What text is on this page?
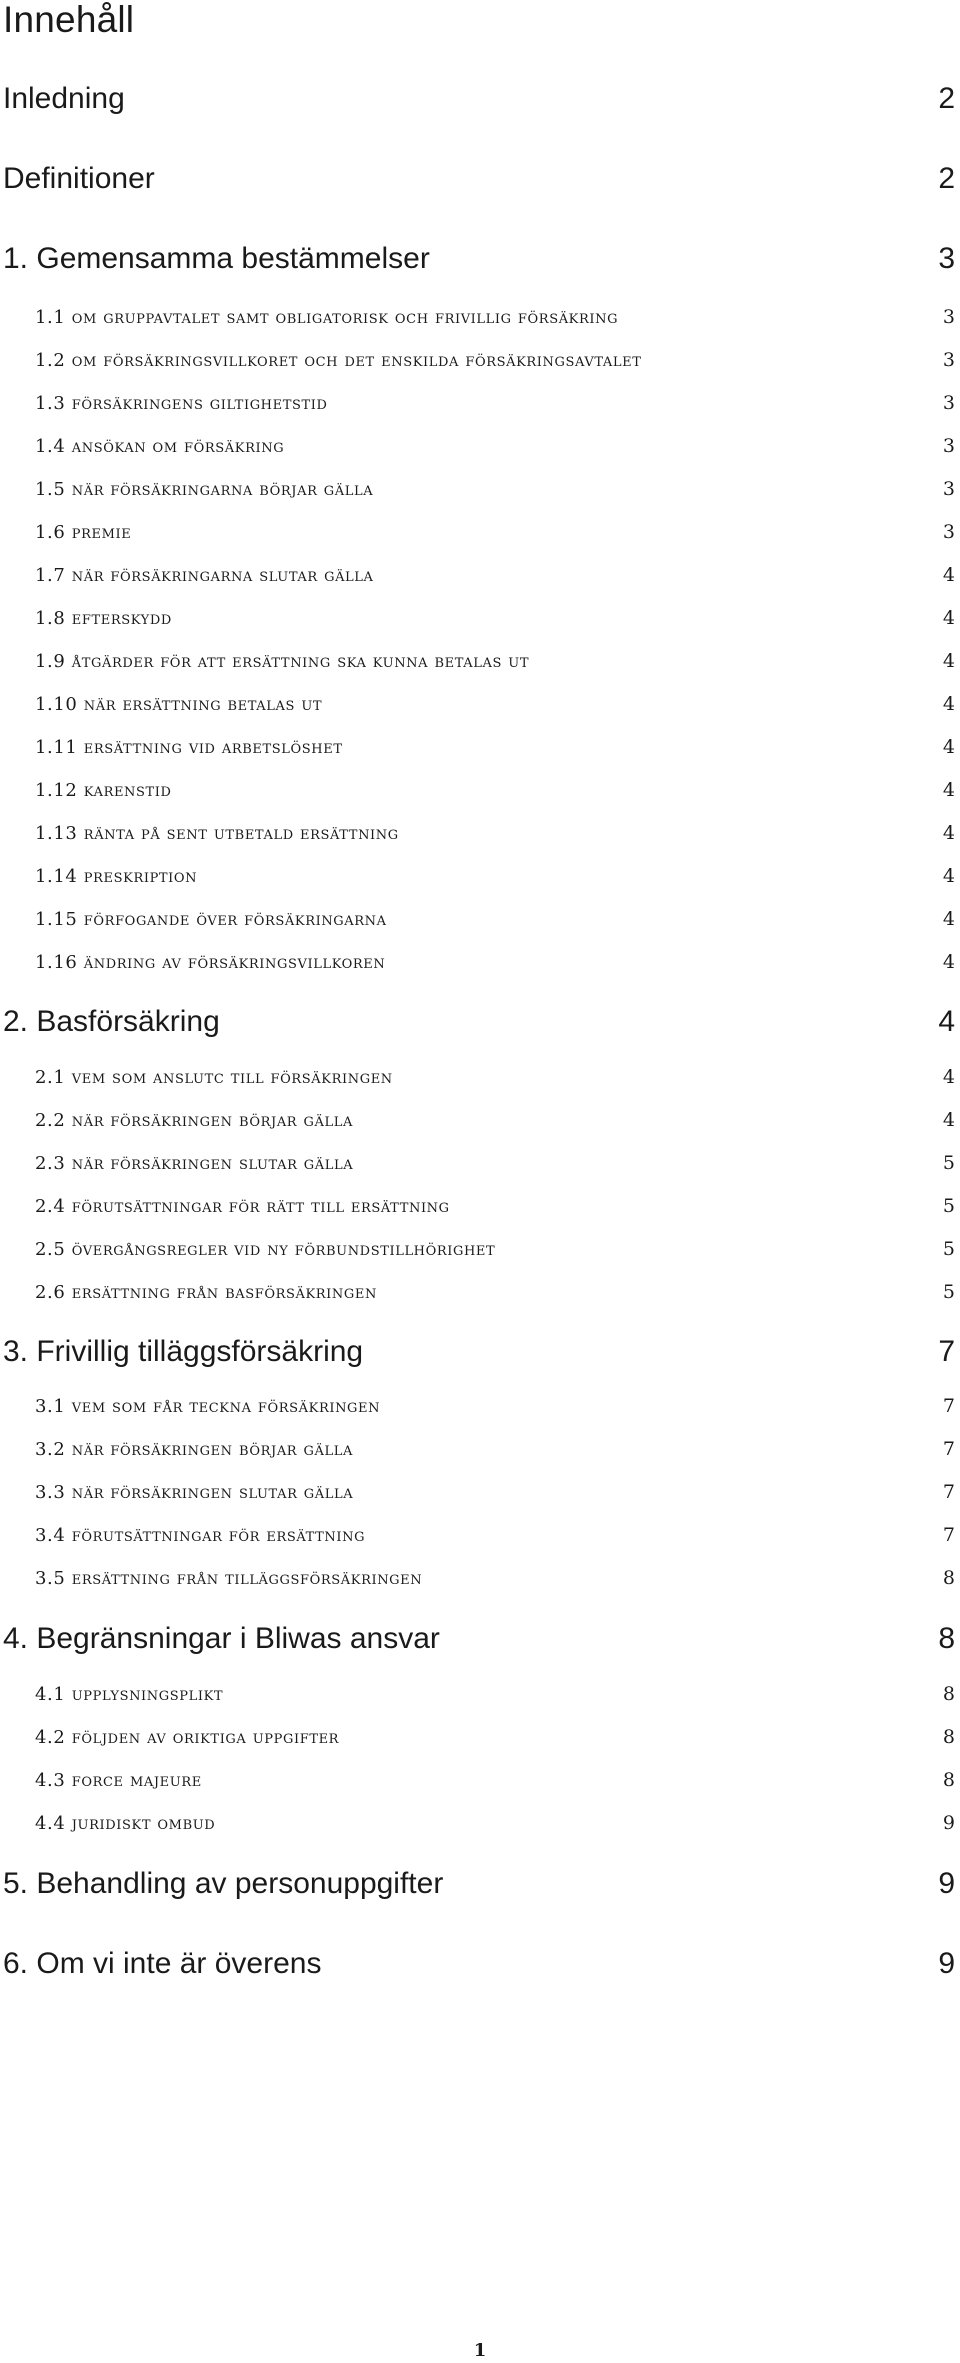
Innehåll
Inledning	2
Definitioner	2
1. Gemensamma bestämmelser	3
1.1 om gruppavtalet samt obligatorisk och frivillig försäkring	3
1.2 om försäkringsvillkoret och det enskilda försäkringsavtalet	3
1.3 försäkringens giltighetstid	3
1.4 ansökan om försäkring	3
1.5 när försäkringarna börjar gälla	3
1.6 premie	3
1.7 när försäkringarna slutar gälla	4
1.8 efterskydd	4
1.9 åtgärder för att ersättning ska kunna betalas ut	4
1.10 när ersättning betalas ut	4
1.11 ersättning vid arbetslöshet	4
1.12 karenstid	4
1.13 ränta på sent utbetald ersättning	4
1.14 preskription	4
1.15 förfogande över försäkringarna	4
1.16 ändring av försäkringsvillkoren	4
2. Basförsäkring	4
2.1 vem som anslutс till försäkringen	4
2.2 när försäkringen börjar gälla	4
2.3 när försäkringen slutar gälla	5
2.4 förutsättningar för rätt till ersättning	5
2.5 övergångsregler vid ny förbundstillhörighet	5
2.6 ersättning från basförsäkringen	5
3. Frivillig tilläggsförsäkring	7
3.1 vem som får teckna försäkringen	7
3.2 när försäkringen börjar gälla	7
3.3 när försäkringen slutar gälla	7
3.4 förutsättningar för ersättning	7
3.5 ersättning från tilläggsförsäkringen	8
4. Begränsningar i Bliwas ansvar	8
4.1 upplysningsplikt	8
4.2 följden av oriktiga uppgifter	8
4.3 force majeure	8
4.4 juridiskt ombud	9
5. Behandling av personuppgifter	9
6. Om vi inte är överens	9
1
